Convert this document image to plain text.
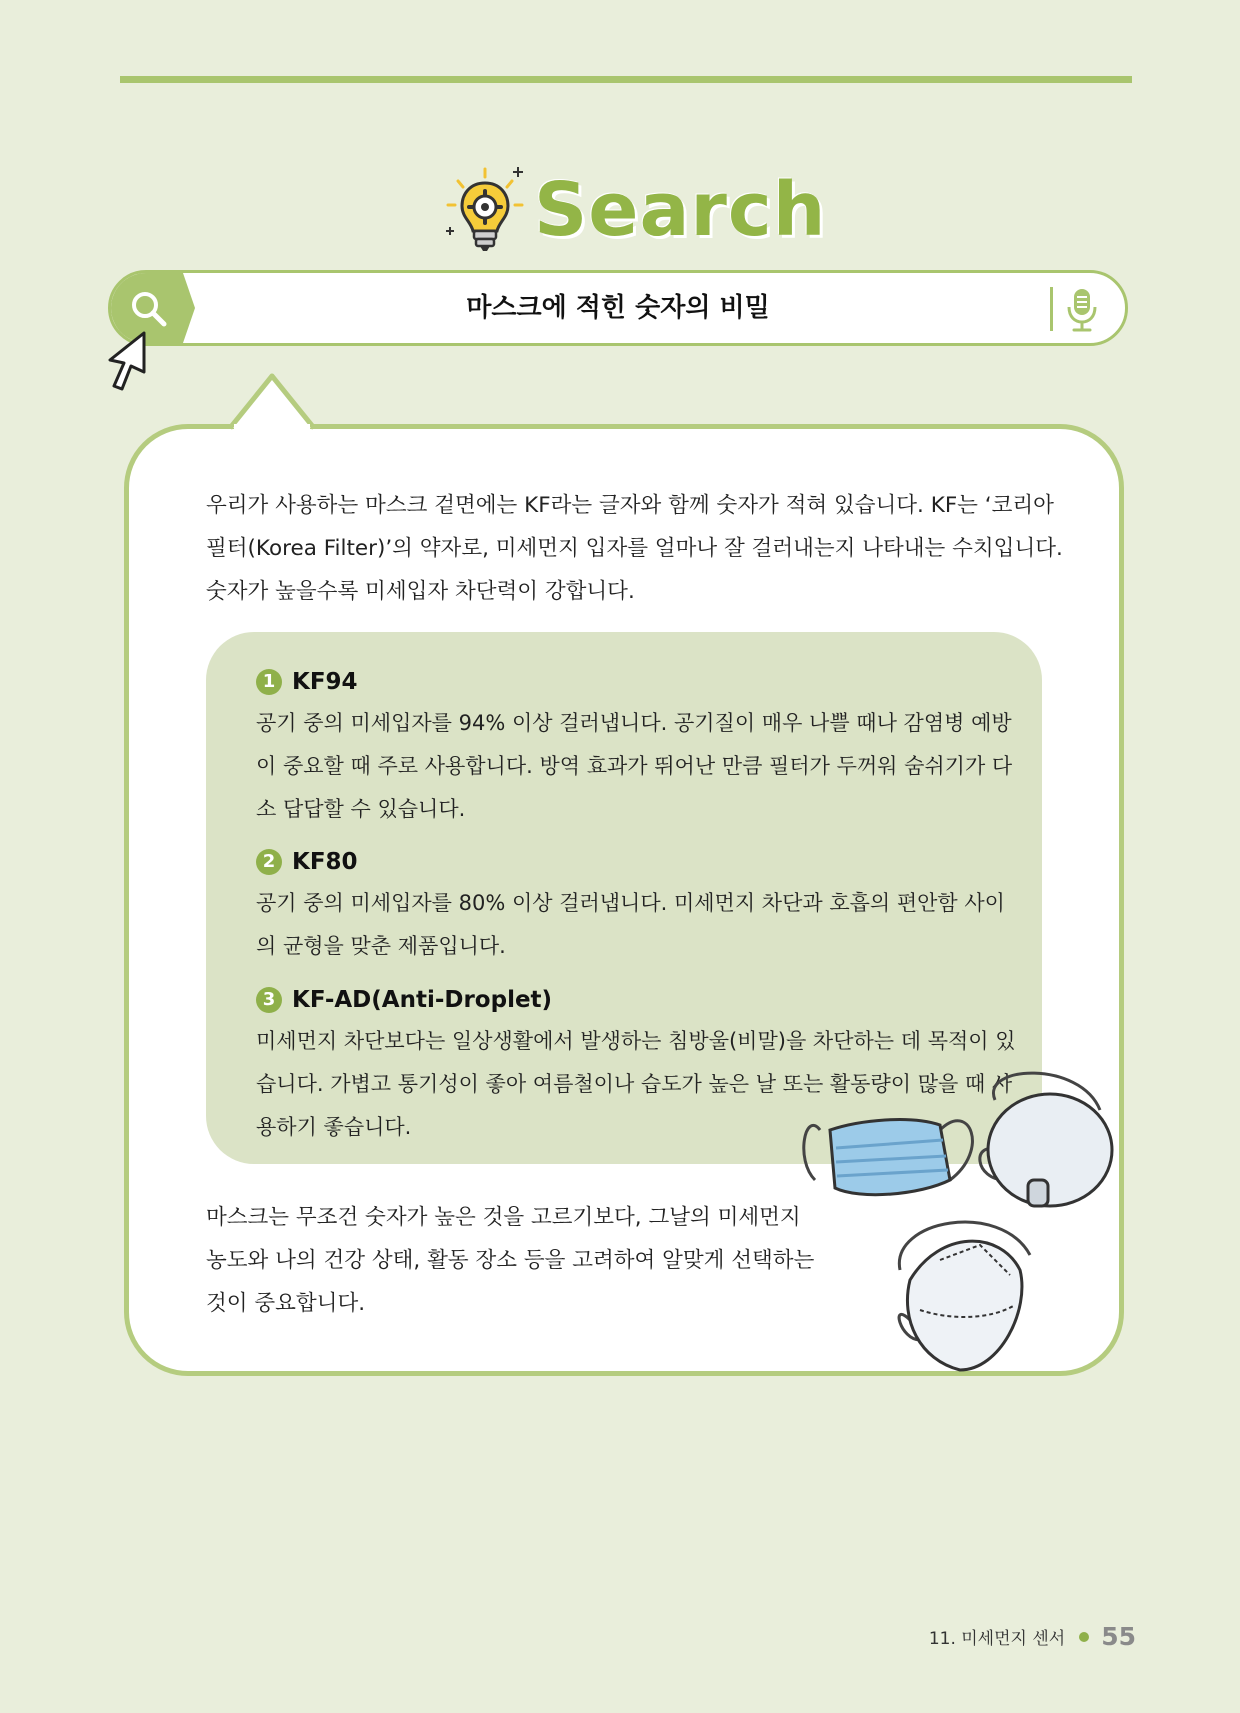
Search
마스크에 적힌 숫자의 비밀
우리가 사용하는 마스크 겉면에는 KF라는 글자와 함께 숫자가 적혀 있습니다. KF는 ‘코리아 필터(Korea Filter)’의 약자로, 미세먼지 입자를 얼마나 잘 걸러내는지 나타내는 수치입니다. 숫자가 높을수록 미세입자 차단력이 강합니다.
1 KF94
공기 중의 미세입자를 94% 이상 걸러냅니다. 공기질이 매우 나쁠 때나 감염병 예방이 중요할 때 주로 사용합니다. 방역 효과가 뛰어난 만큼 필터가 두꺼워 숨쉬기가 다소 답답할 수 있습니다.
2 KF80
공기 중의 미세입자를 80% 이상 걸러냅니다. 미세먼지 차단과 호흡의 편안함 사이의 균형을 맞춘 제품입니다.
3 KF-AD(Anti-Droplet)
미세먼지 차단보다는 일상생활에서 발생하는 침방울(비말)을 차단하는 데 목적이 있습니다. 가볍고 통기성이 좋아 여름철이나 습도가 높은 날 또는 활동량이 많을 때 사용하기 좋습니다.
마스크는 무조건 숫자가 높은 것을 고르기보다, 그날의 미세먼지 농도와 나의 건강 상태, 활동 장소 등을 고려하여 알맞게 선택하는 것이 중요합니다.
11. 미세먼지 센서 55
